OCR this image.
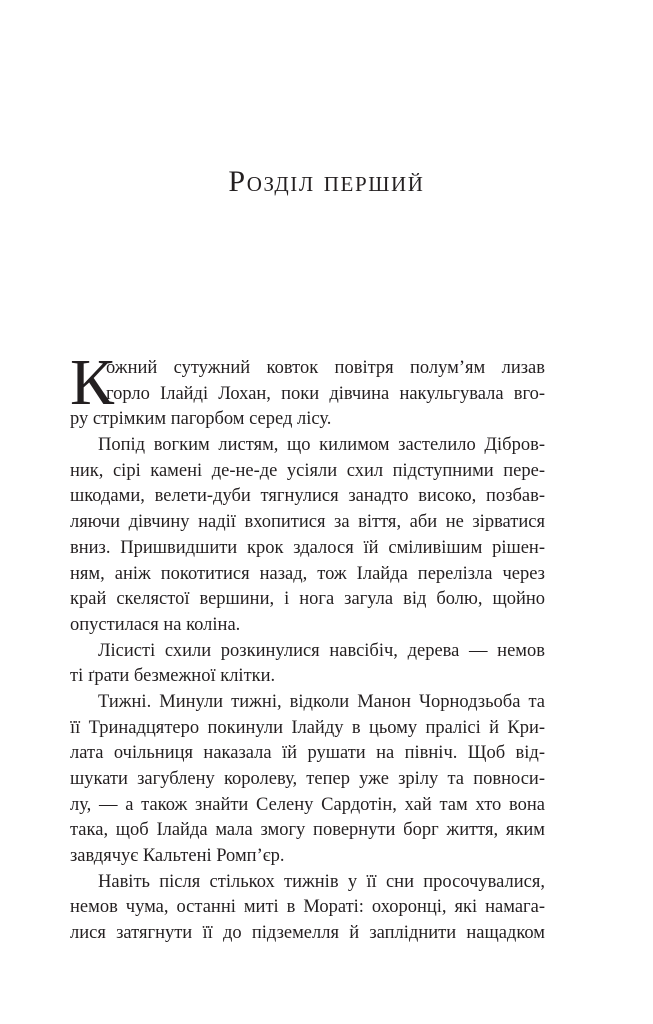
Розділ перший
К
ожний сутужний ковток повітря полум’ям лизав
горло Ілайді Лохан, поки дівчина накульгувала вго-
ру стрімким пагорбом серед лісу.
Попід вогким листям, що килимом застелило Дібров-
ник, сірі камені де-не-де усіяли схил підступними пере-
шкодами, велети-дуби тягнулися занадто високо, позбав-
ляючи дівчину надії вхопитися за віття, аби не зірватися
вниз. Пришвидшити крок здалося їй сміливішим рішен-
ням, аніж покотитися назад, тож Ілайда перелізла через
край скелястої вершини, і нога загула від болю, щойно
опустилася на коліна.
Лісисті схили розкинулися навсібіч, дерева — немов
ті ґрати безмежної клітки.
Тижні. Минули тижні, відколи Манон Чорнодзьоба та
її Тринадцятеро покинули Ілайду в цьому пралісі й Кри-
лата очільниця наказала їй рушати на північ. Щоб від-
шукати загублену королеву, тепер уже зрілу та повноси-
лу, — а також знайти Селену Сардотін, хай там хто вона
така, щоб Ілайда мала змогу повернути борг життя, яким
завдячує Кальтені Ромп’єр.
Навіть після стількох тижнів у її сни просочувалися,
немов чума, останні миті в Мораті: охоронці, які намага-
лися затягнути її до підземелля й запліднити нащадком
